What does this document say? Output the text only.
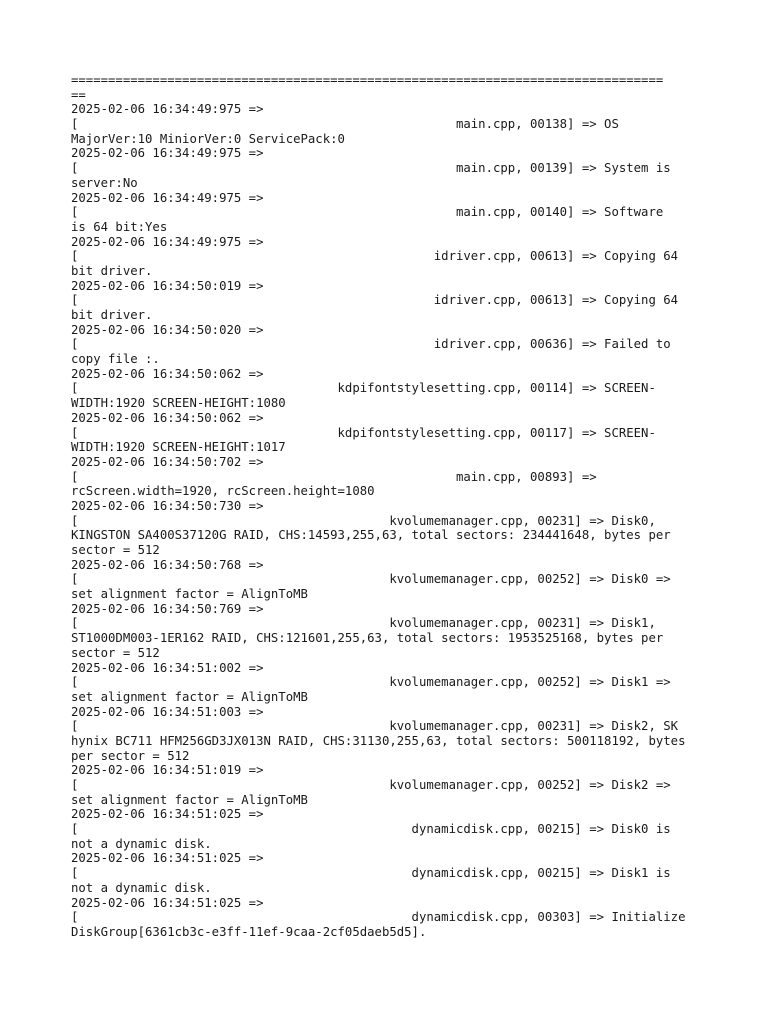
================================================================================
==
2025-02-06 16:34:49:975 =>
[                                                   main.cpp, 00138] => OS
MajorVer:10 MiniorVer:0 ServicePack:0
2025-02-06 16:34:49:975 =>
[                                                   main.cpp, 00139] => System is
server:No
2025-02-06 16:34:49:975 =>
[                                                   main.cpp, 00140] => Software
is 64 bit:Yes
2025-02-06 16:34:49:975 =>
[                                                idriver.cpp, 00613] => Copying 64
bit driver.
2025-02-06 16:34:50:019 =>
[                                                idriver.cpp, 00613] => Copying 64
bit driver.
2025-02-06 16:34:50:020 =>
[                                                idriver.cpp, 00636] => Failed to
copy file :.
2025-02-06 16:34:50:062 =>
[                                   kdpifontstylesetting.cpp, 00114] => SCREEN-
WIDTH:1920 SCREEN-HEIGHT:1080
2025-02-06 16:34:50:062 =>
[                                   kdpifontstylesetting.cpp, 00117] => SCREEN-
WIDTH:1920 SCREEN-HEIGHT:1017
2025-02-06 16:34:50:702 =>
[                                                   main.cpp, 00893] =>
rcScreen.width=1920, rcScreen.height=1080
2025-02-06 16:34:50:730 =>
[                                          kvolumemanager.cpp, 00231] => Disk0,
KINGSTON SA400S37120G RAID, CHS:14593,255,63, total sectors: 234441648, bytes per
sector = 512
2025-02-06 16:34:50:768 =>
[                                          kvolumemanager.cpp, 00252] => Disk0 =>
set alignment factor = AlignToMB
2025-02-06 16:34:50:769 =>
[                                          kvolumemanager.cpp, 00231] => Disk1,
ST1000DM003-1ER162 RAID, CHS:121601,255,63, total sectors: 1953525168, bytes per
sector = 512
2025-02-06 16:34:51:002 =>
[                                          kvolumemanager.cpp, 00252] => Disk1 =>
set alignment factor = AlignToMB
2025-02-06 16:34:51:003 =>
[                                          kvolumemanager.cpp, 00231] => Disk2, SK
hynix BC711 HFM256GD3JX013N RAID, CHS:31130,255,63, total sectors: 500118192, bytes
per sector = 512
2025-02-06 16:34:51:019 =>
[                                          kvolumemanager.cpp, 00252] => Disk2 =>
set alignment factor = AlignToMB
2025-02-06 16:34:51:025 =>
[                                             dynamicdisk.cpp, 00215] => Disk0 is
not a dynamic disk.
2025-02-06 16:34:51:025 =>
[                                             dynamicdisk.cpp, 00215] => Disk1 is
not a dynamic disk.
2025-02-06 16:34:51:025 =>
[                                             dynamicdisk.cpp, 00303] => Initialize
DiskGroup[6361cb3c-e3ff-11ef-9caa-2cf05daeb5d5].
